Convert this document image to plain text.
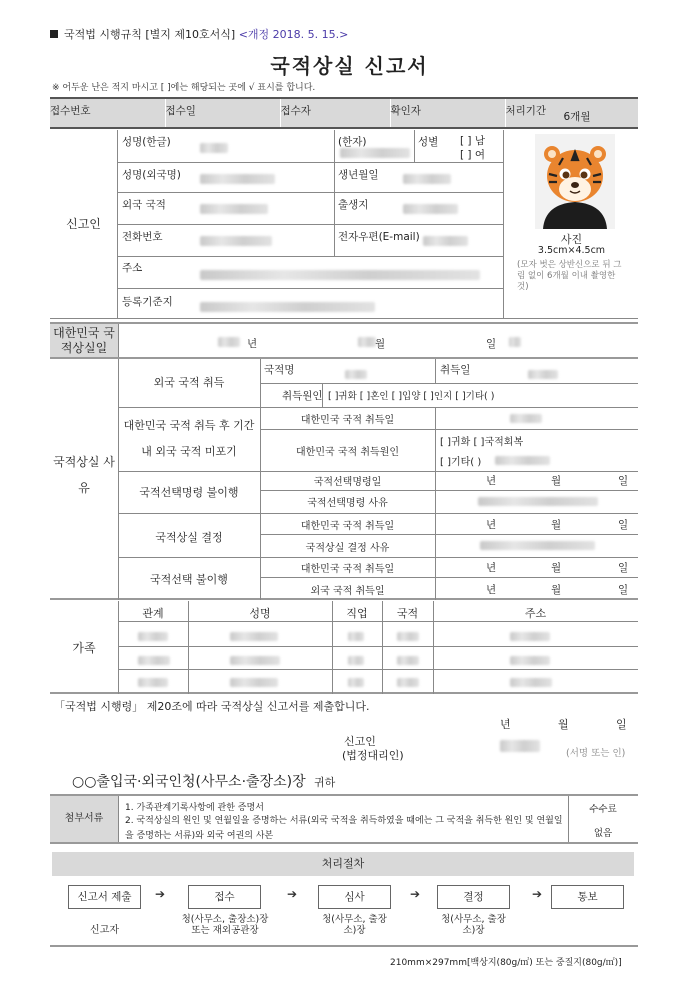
국적법 시행규칙 [별지 제10호서식] <개정 2018. 5. 15.>
국적상실 신고서
※ 어두운 난은 적지 마시고 [ ]에는 해당되는 곳에 √ 표시를 합니다.
접수번호	접수일	접수자	확인자	처리기간 6개월
신고인
성명(한글)	(한자)	성별 [ ] 남
[ ] 여
성명(외국명)	생년월일
외국 국적	출생지
전화번호	전자우편(E-mail)
주소
등록기준지
사진
3.5cm×4.5cm
(모자 벗은 상반신으로 뒤 그림 없이 6개월 이내 촬영한 것)
대한민국 국적상실일	년	월	일
국적상실 사유
외국 국적 취득
국적명	취득일
취득원인 [ ]귀화 [ ]혼인 [ ]입양 [ ]인지 [ ]기타( )
대한민국 국적 취득 후 기간 내 외국 국적 미포기
대한민국 국적 취득일
대한민국 국적 취득원인
[ ]귀화 [ ]국적회복
[ ]기타( )
국적선택명령 불이행
국적선택명령일	년	월	일
국적선택명령 사유
국적상실 결정
대한민국 국적 취득일	년	월	일
국적상실 결정 사유
국적선택 불이행
대한민국 국적 취득일	년	월	일
외국 국적 취득일	년	월	일
가족
관계	성명	직업	국적	주소
「국적법 시행령」 제20조에 따라 국적상실 신고서를 제출합니다.
년	월	일
신고인
(법정대리인)	(서명 또는 인)
○○출입국·외국인청(사무소·출장소)장 귀하
첨부서류
1. 가족관계기록사항에 관한 증명서
2. 국적상실의 원인 및 연월일을 증명하는 서류(외국 국적을 취득하였을 때에는 그 국적을 취득한 원인 및 연월일을 증명하는 서류)와 외국 여권의 사본
수수료
없음
처리절차
신고서 제출	➔	접수	➔	심사	➔	결정	➔	통보
신고자
청(사무소, 출장소)장 또는 재외공관장
청(사무소, 출장소)장
청(사무소, 출장소)장
210mm×297mm[백상지(80g/㎡) 또는 중질지(80g/㎡)]
